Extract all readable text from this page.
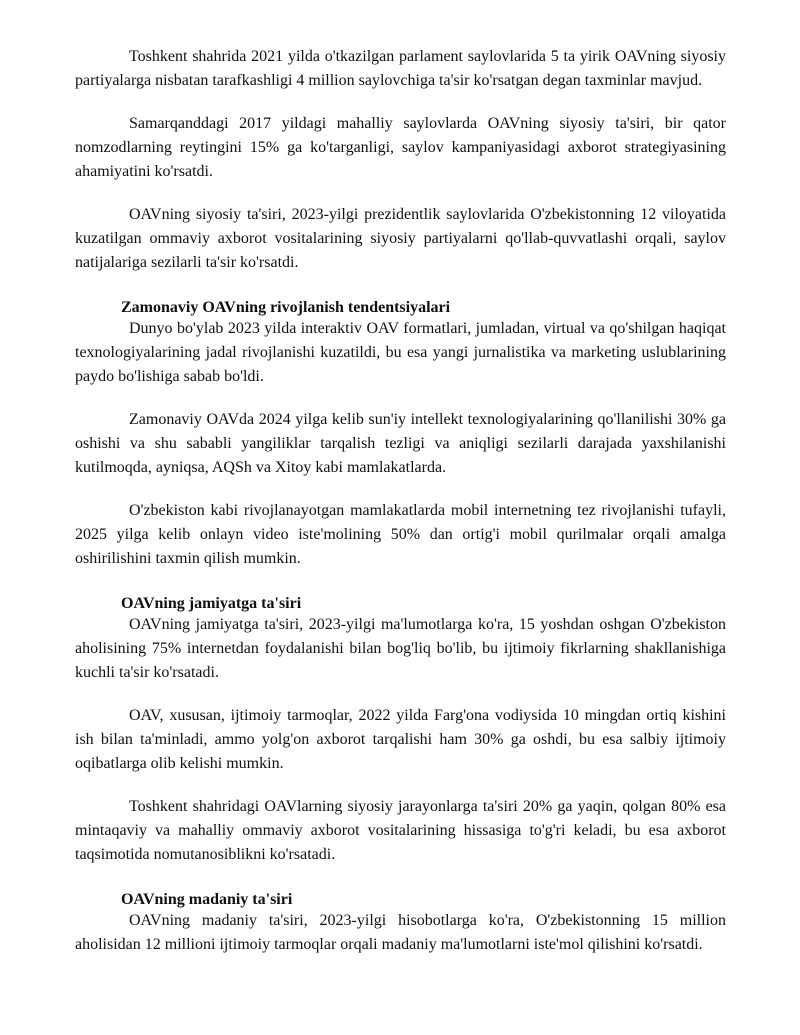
Toshkent shahrida 2021 yilda o'tkazilgan parlament saylovlarida 5 ta yirik OAVning siyosiy partiyalarga nisbatan tarafkashligi 4 million saylovchiga ta'sir ko'rsatgan degan taxminlar mavjud.

Samarqanddagi 2017 yildagi mahalliy saylovlarda OAVning siyosiy ta'siri, bir qator nomzodlarning reytingini 15% ga ko'targanligi, saylov kampaniyasidagi axborot strategiyasining ahamiyatini ko'rsatdi.

OAVning siyosiy ta'siri, 2023-yilgi prezidentlik saylovlarida O'zbekistonning 12 viloyatida kuzatilgan ommaviy axborot vositalarining siyosiy partiyalarni qo'llab-quvvatlashi orqali, saylov natijalariga sezilarli ta'sir ko'rsatdi.

Zamonaviy OAVning rivojlanish tendentsiyalari

Dunyo bo'ylab 2023 yilda interaktiv OAV formatlari, jumladan, virtual va qo'shilgan haqiqat texnologiyalarining jadal rivojlanishi kuzatildi, bu esa yangi jurnalistika va marketing uslublarining paydo bo'lishiga sabab bo'ldi.

Zamonaviy OAVda 2024 yilga kelib sun'iy intellekt texnologiyalarining qo'llanilishi 30% ga oshishi va shu sababli yangiliklar tarqalish tezligi va aniqligi sezilarli darajada yaxshilanishi kutilmoqda, ayniqsa, AQSh va Xitoy kabi mamlakatlarda.

O'zbekiston kabi rivojlanayotgan mamlakatlarda mobil internetning tez rivojlanishi tufayli, 2025 yilga kelib onlayn video iste'molining 50% dan ortig'i mobil qurilmalar orqali amalga oshirilishini taxmin qilish mumkin.

OAVning jamiyatga ta'siri

OAVning jamiyatga ta'siri, 2023-yilgi ma'lumotlarga ko'ra, 15 yoshdan oshgan O'zbekiston aholisining 75% internetdan foydalanishi bilan bog'liq bo'lib, bu ijtimoiy fikrlarning shakllanishiga kuchli ta'sir ko'rsatadi.

OAV, xususan, ijtimoiy tarmoqlar, 2022 yilda Farg'ona vodiysida 10 mingdan ortiq kishini ish bilan ta'minladi, ammo yolg'on axborot tarqalishi ham 30% ga oshdi, bu esa salbiy ijtimoiy oqibatlarga olib kelishi mumkin.

Toshkent shahridagi OAVlarning siyosiy jarayonlarga ta'siri 20% ga yaqin, qolgan 80% esa mintaqaviy va mahalliy ommaviy axborot vositalarining hissasiga to'g'ri keladi, bu esa axborot taqsimotida nomutanosiblikni ko'rsatadi.

OAVning madaniy ta'siri

OAVning madaniy ta'siri, 2023-yilgi hisobotlarga ko'ra, O'zbekistonning 15 million aholisidan 12 millioni ijtimoiy tarmoqlar orqali madaniy ma'lumotlarni iste'mol qilishini ko'rsatdi.
